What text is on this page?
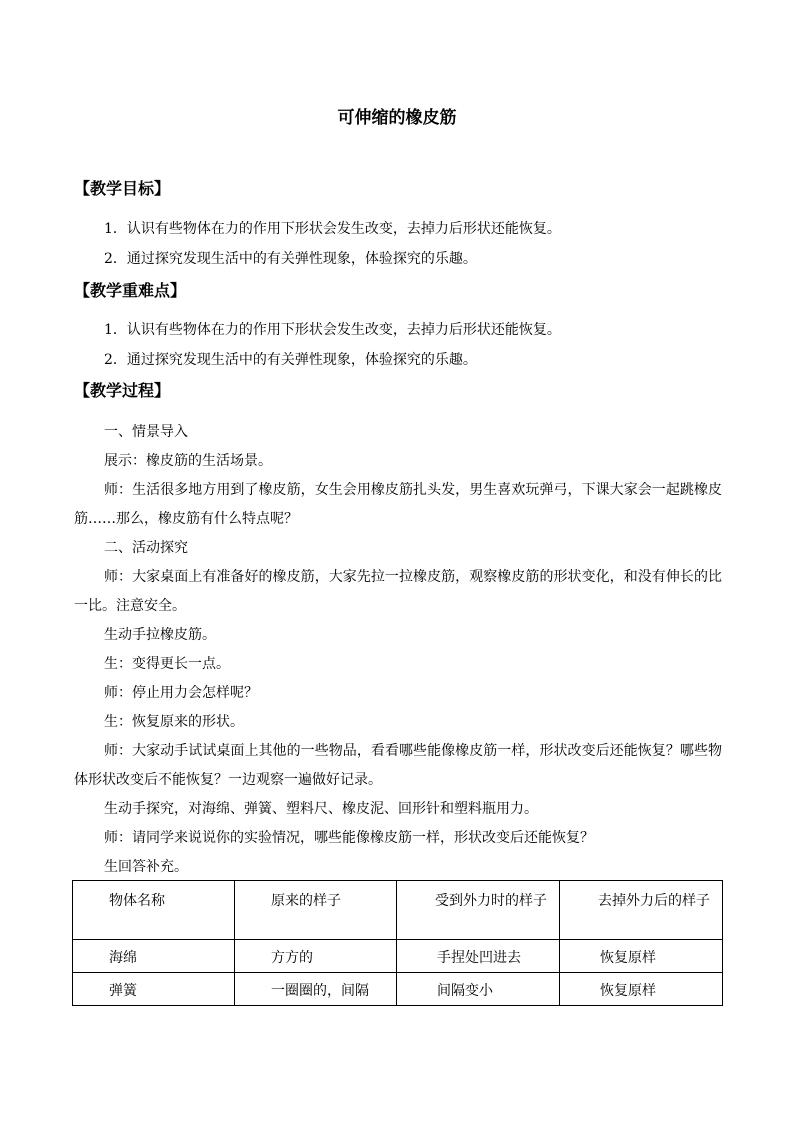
可伸缩的橡皮筋
【教学目标】
1．认识有些物体在力的作用下形状会发生改变，去掉力后形状还能恢复。
2．通过探究发现生活中的有关弹性现象，体验探究的乐趣。
【教学重难点】
1．认识有些物体在力的作用下形状会发生改变，去掉力后形状还能恢复。
2．通过探究发现生活中的有关弹性现象，体验探究的乐趣。
【教学过程】
一、情景导入
展示：橡皮筋的生活场景。
师：生活很多地方用到了橡皮筋，女生会用橡皮筋扎头发，男生喜欢玩弹弓，下课大家会一起跳橡皮筋……那么，橡皮筋有什么特点呢？
二、活动探究
师：大家桌面上有准备好的橡皮筋，大家先拉一拉橡皮筋，观察橡皮筋的形状变化，和没有伸长的比一比。注意安全。
生动手拉橡皮筋。
生：变得更长一点。
师：停止用力会怎样呢？
生：恢复原来的形状。
师：大家动手试试桌面上其他的一些物品，看看哪些能像橡皮筋一样，形状改变后还能恢复？哪些物体形状改变后不能恢复？一边观察一遍做好记录。
生动手探究，对海绵、弹簧、塑料尺、橡皮泥、回形针和塑料瓶用力。
师：请同学来说说你的实验情况，哪些能像橡皮筋一样，形状改变后还能恢复？
生回答补充。
物体名称	原来的样子	受到外力时的样子	去掉外力后的样子

海绵	方方的	手捏处凹进去	恢复原样

弹簧	一圈圈的，间隔	间隔变小	恢复原样
